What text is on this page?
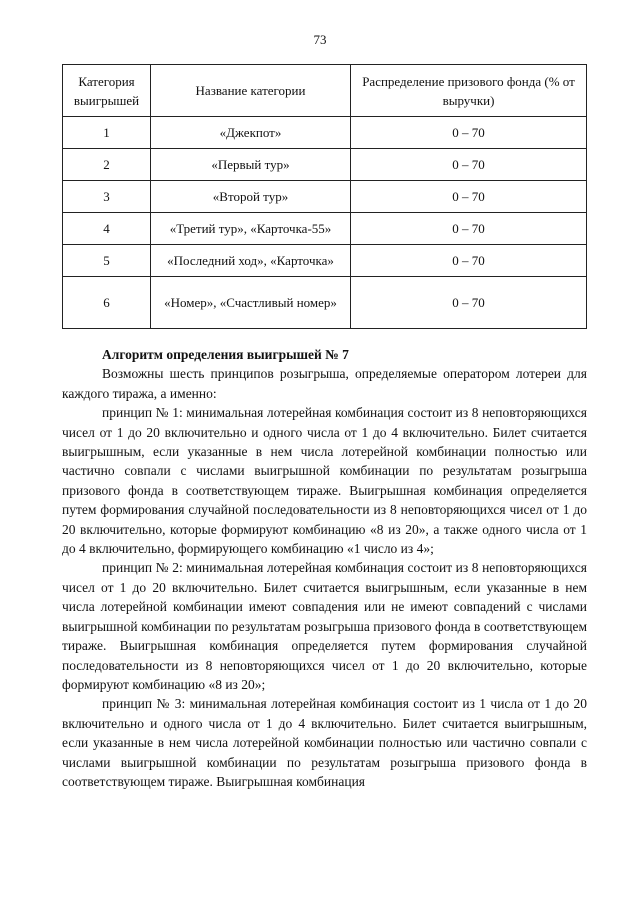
73
Категория выигрышей	Название категории	Распределение призового фонда (% от выручки)
1	«Джекпот»	0 – 70
2	«Первый тур»	0 – 70
3	«Второй тур»	0 – 70
4	«Третий тур», «Карточка-55»	0 – 70
5	«Последний ход», «Карточка»	0 – 70
6	«Номер», «Счастливый номер»	0 – 70
Алгоритм определения выигрышей № 7

Возможны шесть принципов розыгрыша, определяемые оператором лотереи для каждого тиража, а именно:

принцип № 1: минимальная лотерейная комбинация состоит из 8 неповторяющихся чисел от 1 до 20 включительно и одного числа от 1 до 4 включительно. Билет считается выигрышным, если указанные в нем числа лотерейной комбинации полностью или частично совпали с числами выигрышной комбинации по результатам розыгрыша призового фонда в соответствующем тираже. Выигрышная комбинация определяется путем формирования случайной последовательности из 8 неповторяющихся чисел от 1 до 20 включительно, которые формируют комбинацию «8 из 20», а также одного числа от 1 до 4 включительно, формирующего комбинацию «1 число из 4»;

принцип № 2: минимальная лотерейная комбинация состоит из 8 неповторяющихся чисел от 1 до 20 включительно. Билет считается выигрышным, если указанные в нем числа лотерейной комбинации имеют совпадения или не имеют совпадений с числами выигрышной комбинации по результатам розыгрыша призового фонда в соответствующем тираже. Выигрышная комбинация определяется путем формирования случайной последовательности из 8 неповторяющихся чисел от 1 до 20 включительно, которые формируют комбинацию «8 из 20»;

принцип № 3: минимальная лотерейная комбинация состоит из 1 числа от 1 до 20 включительно и одного числа от 1 до 4 включительно. Билет считается выигрышным, если указанные в нем числа лотерейной комбинации полностью или частично совпали с числами выигрышной комбинации по результатам розыгрыша призового фонда в соответствующем тираже. Выигрышная комбинация
